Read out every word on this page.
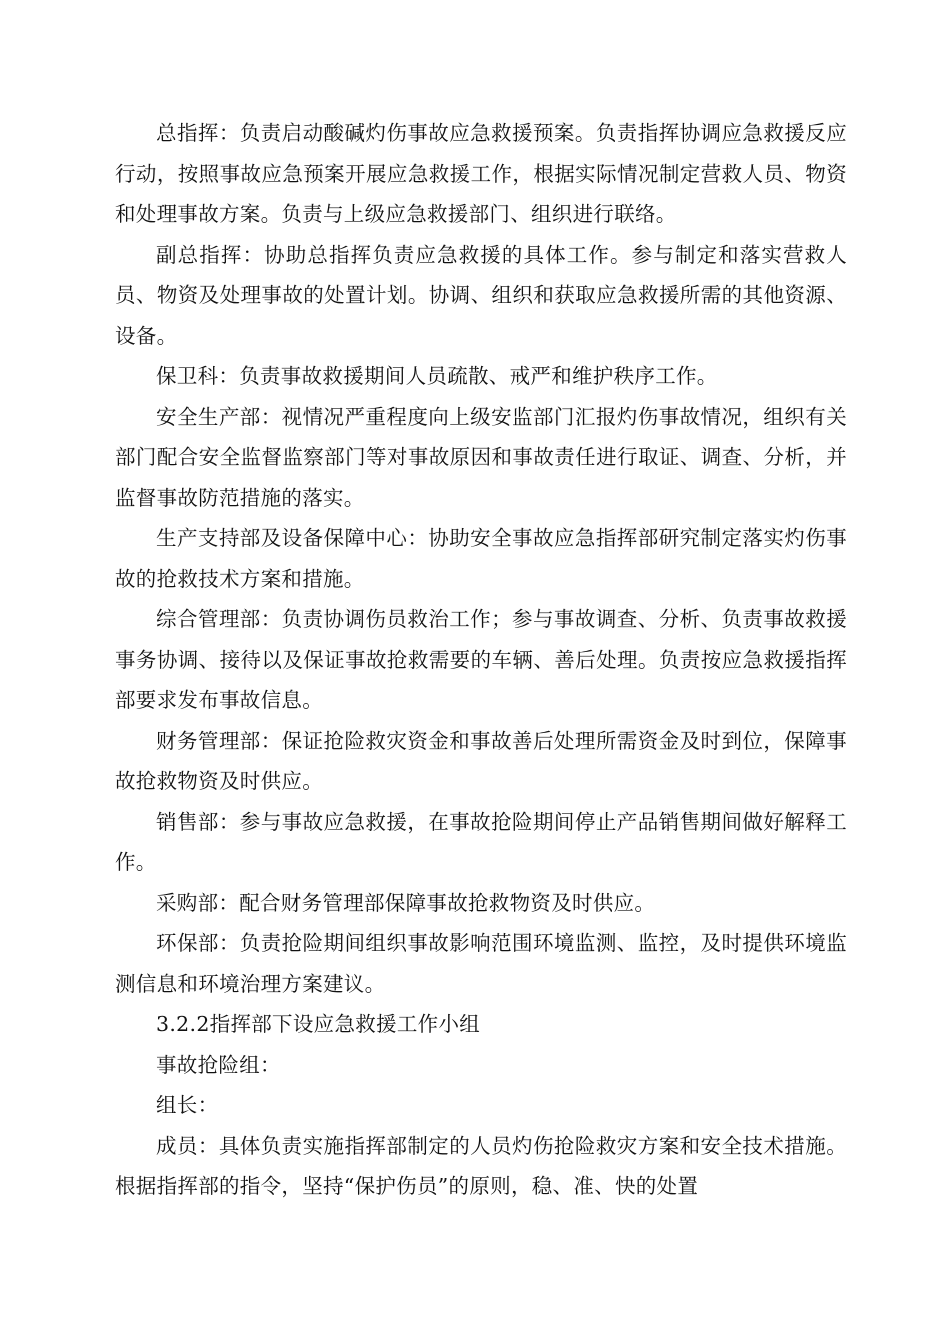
总指挥：负责启动酸碱灼伤事故应急救援预案。负责指挥协调应急救援反应行动，按照事故应急预案开展应急救援工作，根据实际情况制定营救人员、物资和处理事故方案。负责与上级应急救援部门、组织进行联络。

副总指挥：协助总指挥负责应急救援的具体工作。参与制定和落实营救人员、物资及处理事故的处置计划。协调、组织和获取应急救援所需的其他资源、设备。

保卫科：负责事故救援期间人员疏散、戒严和维护秩序工作。

安全生产部：视情况严重程度向上级安监部门汇报灼伤事故情况，组织有关部门配合安全监督监察部门等对事故原因和事故责任进行取证、调查、分析，并监督事故防范措施的落实。

生产支持部及设备保障中心：协助安全事故应急指挥部研究制定落实灼伤事故的抢救技术方案和措施。

综合管理部：负责协调伤员救治工作；参与事故调查、分析、负责事故救援事务协调、接待以及保证事故抢救需要的车辆、善后处理。负责按应急救援指挥部要求发布事故信息。

财务管理部：保证抢险救灾资金和事故善后处理所需资金及时到位，保障事故抢救物资及时供应。

销售部：参与事故应急救援，在事故抢险期间停止产品销售期间做好解释工作。

采购部：配合财务管理部保障事故抢救物资及时供应。

环保部：负责抢险期间组织事故影响范围环境监测、监控，及时提供环境监测信息和环境治理方案建议。

3.2.2指挥部下设应急救援工作小组

事故抢险组：

组长：

成员：具体负责实施指挥部制定的人员灼伤抢险救灾方案和安全技术措施。根据指挥部的指令，坚持“保护伤员”的原则，稳、准、快的处置
